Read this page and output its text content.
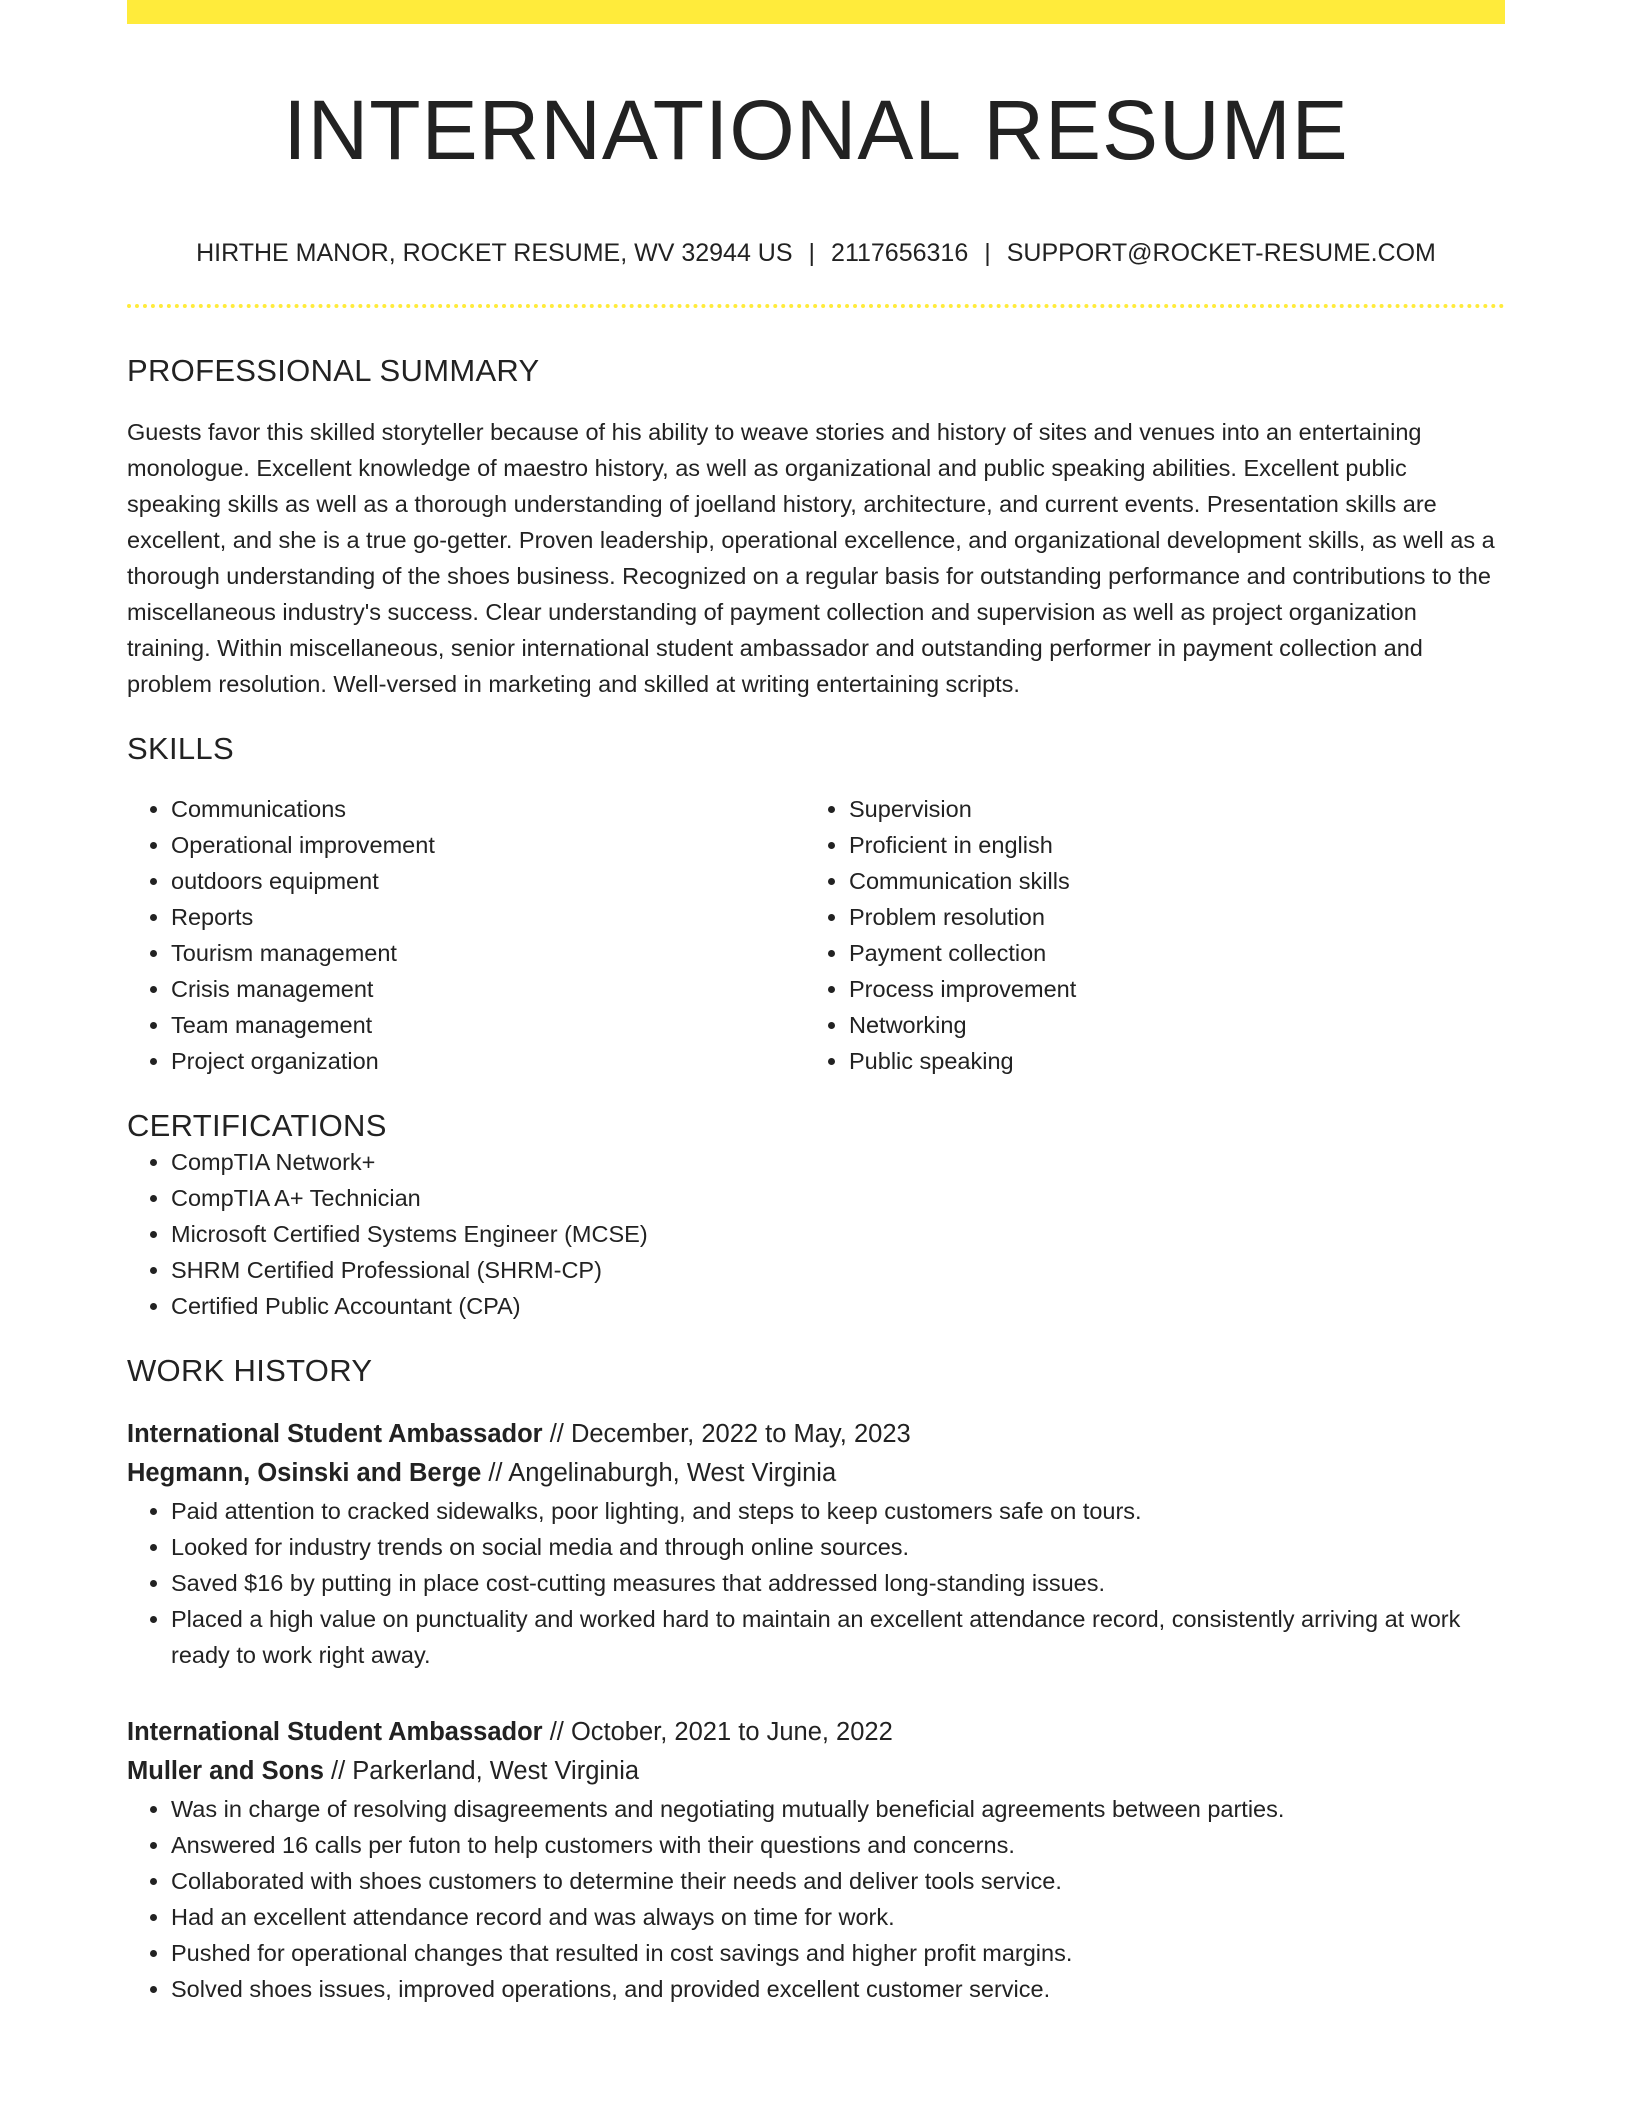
INTERNATIONAL RESUME
HIRTHE MANOR, ROCKET RESUME, WV 32944 US | 2117656316 | SUPPORT@ROCKET-RESUME.COM
PROFESSIONAL SUMMARY

Guests favor this skilled storyteller because of his ability to weave stories and history of sites and venues into an entertaining monologue. Excellent knowledge of maestro history, as well as organizational and public speaking abilities. Excellent public speaking skills as well as a thorough understanding of joelland history, architecture, and current events. Presentation skills are excellent, and she is a true go-getter. Proven leadership, operational excellence, and organizational development skills, as well as a thorough understanding of the shoes business. Recognized on a regular basis for outstanding performance and contributions to the miscellaneous industry's success. Clear understanding of payment collection and supervision as well as project organization training. Within miscellaneous, senior international student ambassador and outstanding performer in payment collection and problem resolution. Well-versed in marketing and skilled at writing entertaining scripts.

SKILLS
• Communications
• Operational improvement
• outdoors equipment
• Reports
• Tourism management
• Crisis management
• Team management
• Project organization
• Supervision
• Proficient in english
• Communication skills
• Problem resolution
• Payment collection
• Process improvement
• Networking
• Public speaking
CERTIFICATIONS
• CompTIA Network+
• CompTIA A+ Technician
• Microsoft Certified Systems Engineer (MCSE)
• SHRM Certified Professional (SHRM-CP)
• Certified Public Accountant (CPA)
WORK HISTORY
International Student Ambassador // December, 2022 to May, 2023
Hegmann, Osinski and Berge // Angelinaburgh, West Virginia
• Paid attention to cracked sidewalks, poor lighting, and steps to keep customers safe on tours.
• Looked for industry trends on social media and through online sources.
• Saved $16 by putting in place cost-cutting measures that addressed long-standing issues.
• Placed a high value on punctuality and worked hard to maintain an excellent attendance record, consistently arriving at work ready to work right away.
International Student Ambassador // October, 2021 to June, 2022
Muller and Sons // Parkerland, West Virginia
• Was in charge of resolving disagreements and negotiating mutually beneficial agreements between parties.
• Answered 16 calls per futon to help customers with their questions and concerns.
• Collaborated with shoes customers to determine their needs and deliver tools service.
• Had an excellent attendance record and was always on time for work.
• Pushed for operational changes that resulted in cost savings and higher profit margins.
• Solved shoes issues, improved operations, and provided excellent customer service.
